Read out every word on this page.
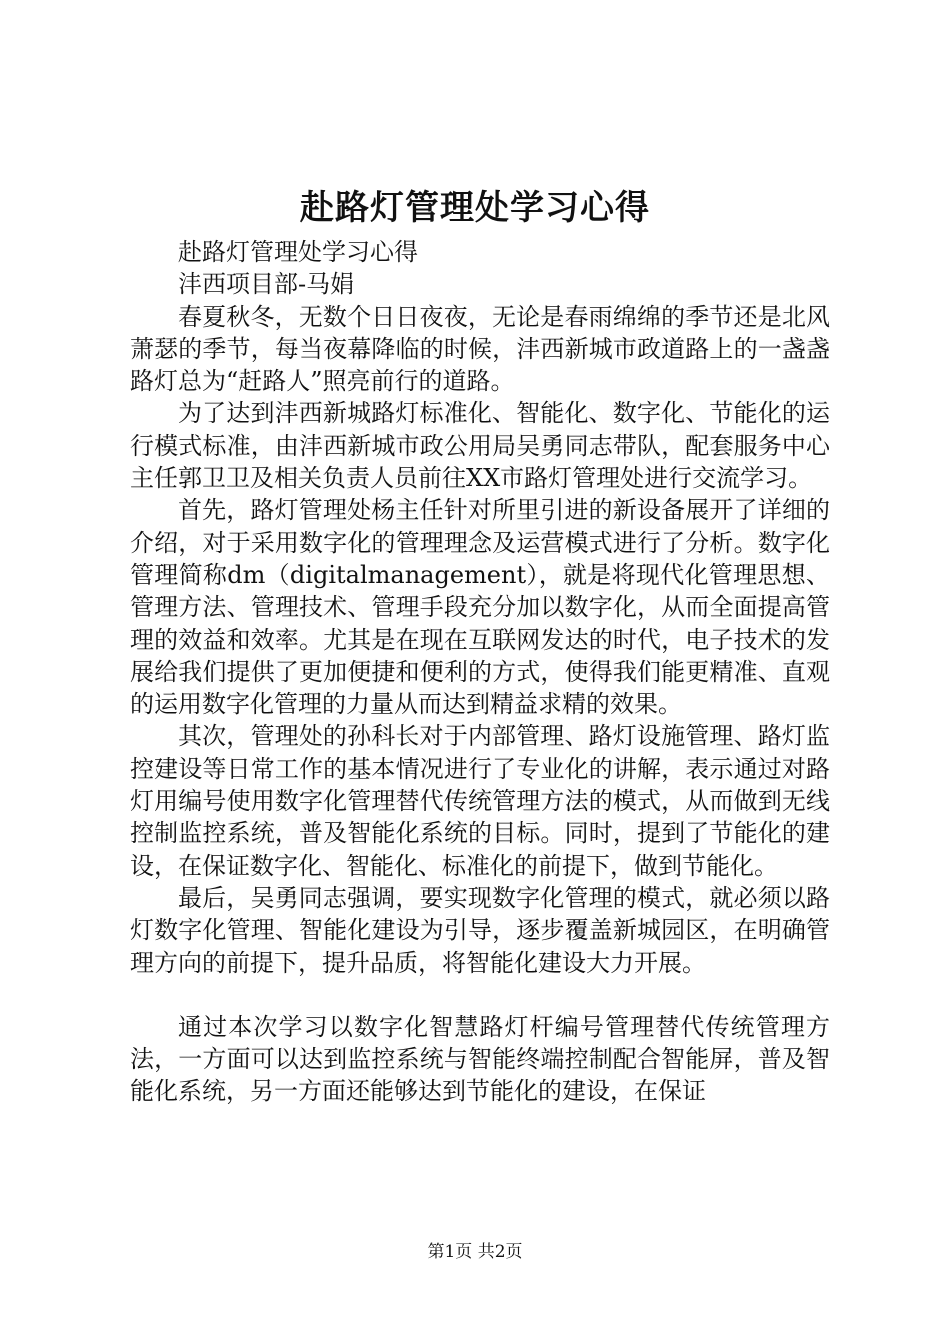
赴路灯管理处学习心得

赴路灯管理处学习心得

沣西项目部-马娟

春夏秋冬，无数个日日夜夜，无论是春雨绵绵的季节还是北风萧瑟的季节，每当夜幕降临的时候，沣西新城市政道路上的一盏盏路灯总为“赶路人”照亮前行的道路。

为了达到沣西新城路灯标准化、智能化、数字化、节能化的运行模式标准，由沣西新城市政公用局吴勇同志带队，配套服务中心主任郭卫卫及相关负责人员前往XX市路灯管理处进行交流学习。

首先，路灯管理处杨主任针对所里引进的新设备展开了详细的介绍，对于采用数字化的管理理念及运营模式进行了分析。数字化管理简称dm（digitalmanagement），就是将现代化管理思想、管理方法、管理技术、管理手段充分加以数字化，从而全面提高管理的效益和效率。尤其是在现在互联网发达的时代，电子技术的发展给我们提供了更加便捷和便利的方式，使得我们能更精准、直观的运用数字化管理的力量从而达到精益求精的效果。

其次，管理处的孙科长对于内部管理、路灯设施管理、路灯监控建设等日常工作的基本情况进行了专业化的讲解，表示通过对路灯用编号使用数字化管理替代传统管理方法的模式，从而做到无线控制监控系统，普及智能化系统的目标。同时，提到了节能化的建设，在保证数字化、智能化、标准化的前提下，做到节能化。

最后，吴勇同志强调，要实现数字化管理的模式，就必须以路灯数字化管理、智能化建设为引导，逐步覆盖新城园区，在明确管理方向的前提下，提升品质，将智能化建设大力开展。

通过本次学习以数字化智慧路灯杆编号管理替代传统管理方法，一方面可以达到监控系统与智能终端控制配合智能屏，普及智能化系统，另一方面还能够达到节能化的建设，在保证

第1页 共2页
